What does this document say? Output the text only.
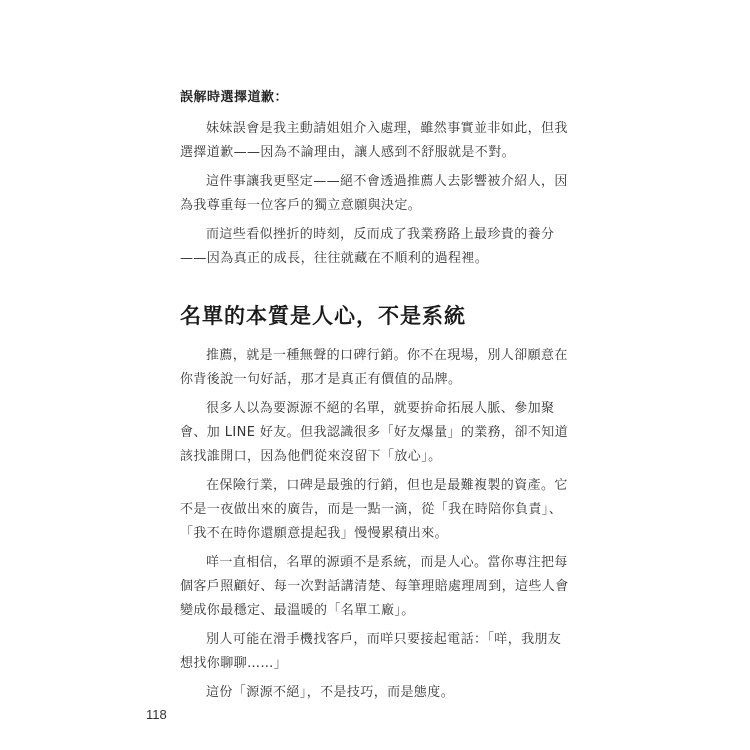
誤解時選擇道歉：

妹妹誤會是我主動請姐姐介入處理，雖然事實並非如此，但我選擇道歉——因為不論理由，讓人感到不舒服就是不對。

這件事讓我更堅定——絕不會透過推薦人去影響被介紹人，因為我尊重每一位客戶的獨立意願與決定。

而這些看似挫折的時刻，反而成了我業務路上最珍貴的養分——因為真正的成長，往往就藏在不順利的過程裡。

名單的本質是人心，不是系統

推薦，就是一種無聲的口碑行銷。你不在現場，別人卻願意在你背後說一句好話，那才是真正有價值的品牌。

很多人以為要源源不絕的名單，就要拚命拓展人脈、參加聚會、加 LINE 好友。但我認識很多「好友爆量」的業務，卻不知道該找誰開口，因為他們從來沒留下「放心」。

在保險行業，口碑是最強的行銷，但也是最難複製的資產。它不是一夜做出來的廣告，而是一點一滴，從「我在時陪你負責」、「我不在時你還願意提起我」慢慢累積出來。

咩一直相信，名單的源頭不是系統，而是人心。當你專注把每個客戶照顧好、每一次對話講清楚、每筆理賠處理周到，這些人會變成你最穩定、最溫暖的「名單工廠」。

別人可能在滑手機找客戶，而咩只要接起電話：「咩，我朋友想找你聊聊……」

這份「源源不絕」，不是技巧，而是態度。

118
